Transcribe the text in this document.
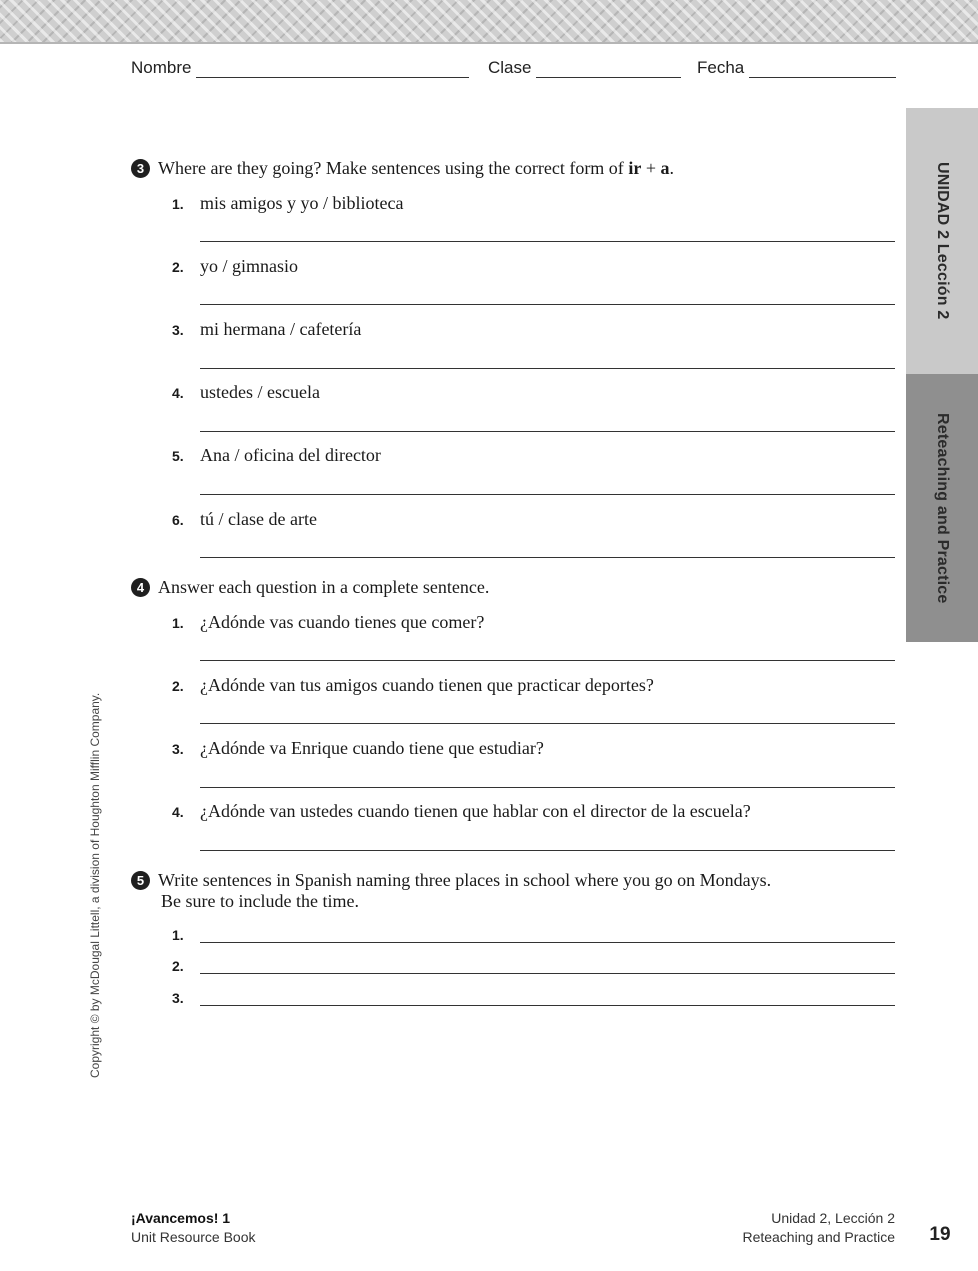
Nombre	Clase	Fecha
UNIDAD 2 Lección 2
Reteaching and Practice
Copyright © by McDougal Littell, a division of Houghton Mifflin Company.
3 Where are they going? Make sentences using the correct form of ir + a.
1. mis amigos y yo / biblioteca
2. yo / gimnasio
3. mi hermana / cafetería
4. ustedes / escuela
5. Ana / oficina del director
6. tú / clase de arte
4 Answer each question in a complete sentence.
1. ¿Adónde vas cuando tienes que comer?
2. ¿Adónde van tus amigos cuando tienen que practicar deportes?
3. ¿Adónde va Enrique cuando tiene que estudiar?
4. ¿Adónde van ustedes cuando tienen que hablar con el director de la escuela?
5 Write sentences in Spanish naming three places in school where you go on Mondays.
Be sure to include the time.
1.
2.
3.
¡Avancemos! 1
Unit Resource Book
Unidad 2, Lección 2
Reteaching and Practice	19
